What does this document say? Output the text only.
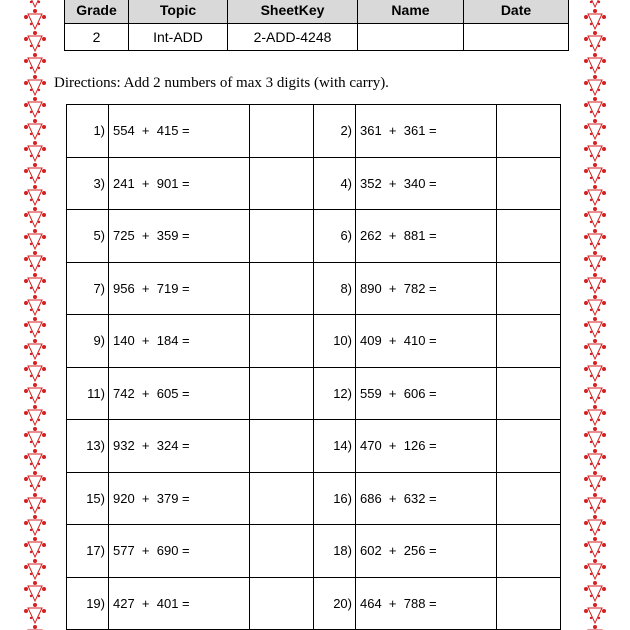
Grade	Topic	SheetKey	Name	Date
2	Int-ADD	2-ADD-4248		
Directions: Add 2 numbers of max 3 digits (with carry).
1)	554  +  415 =		2)	361  +  361 =	
3)	241  +  901 =		4)	352  +  340 =	
5)	725  +  359 =		6)	262  +  881 =	
7)	956  +  719 =		8)	890  +  782 =	
9)	140  +  184 =		10)	409  +  410 =	
11)	742  +  605 =		12)	559  +  606 =	
13)	932  +  324 =		14)	470  +  126 =	
15)	920  +  379 =		16)	686  +  632 =	
17)	577  +  690 =		18)	602  +  256 =	
19)	427  +  401 =		20)	464  +  788 =	
